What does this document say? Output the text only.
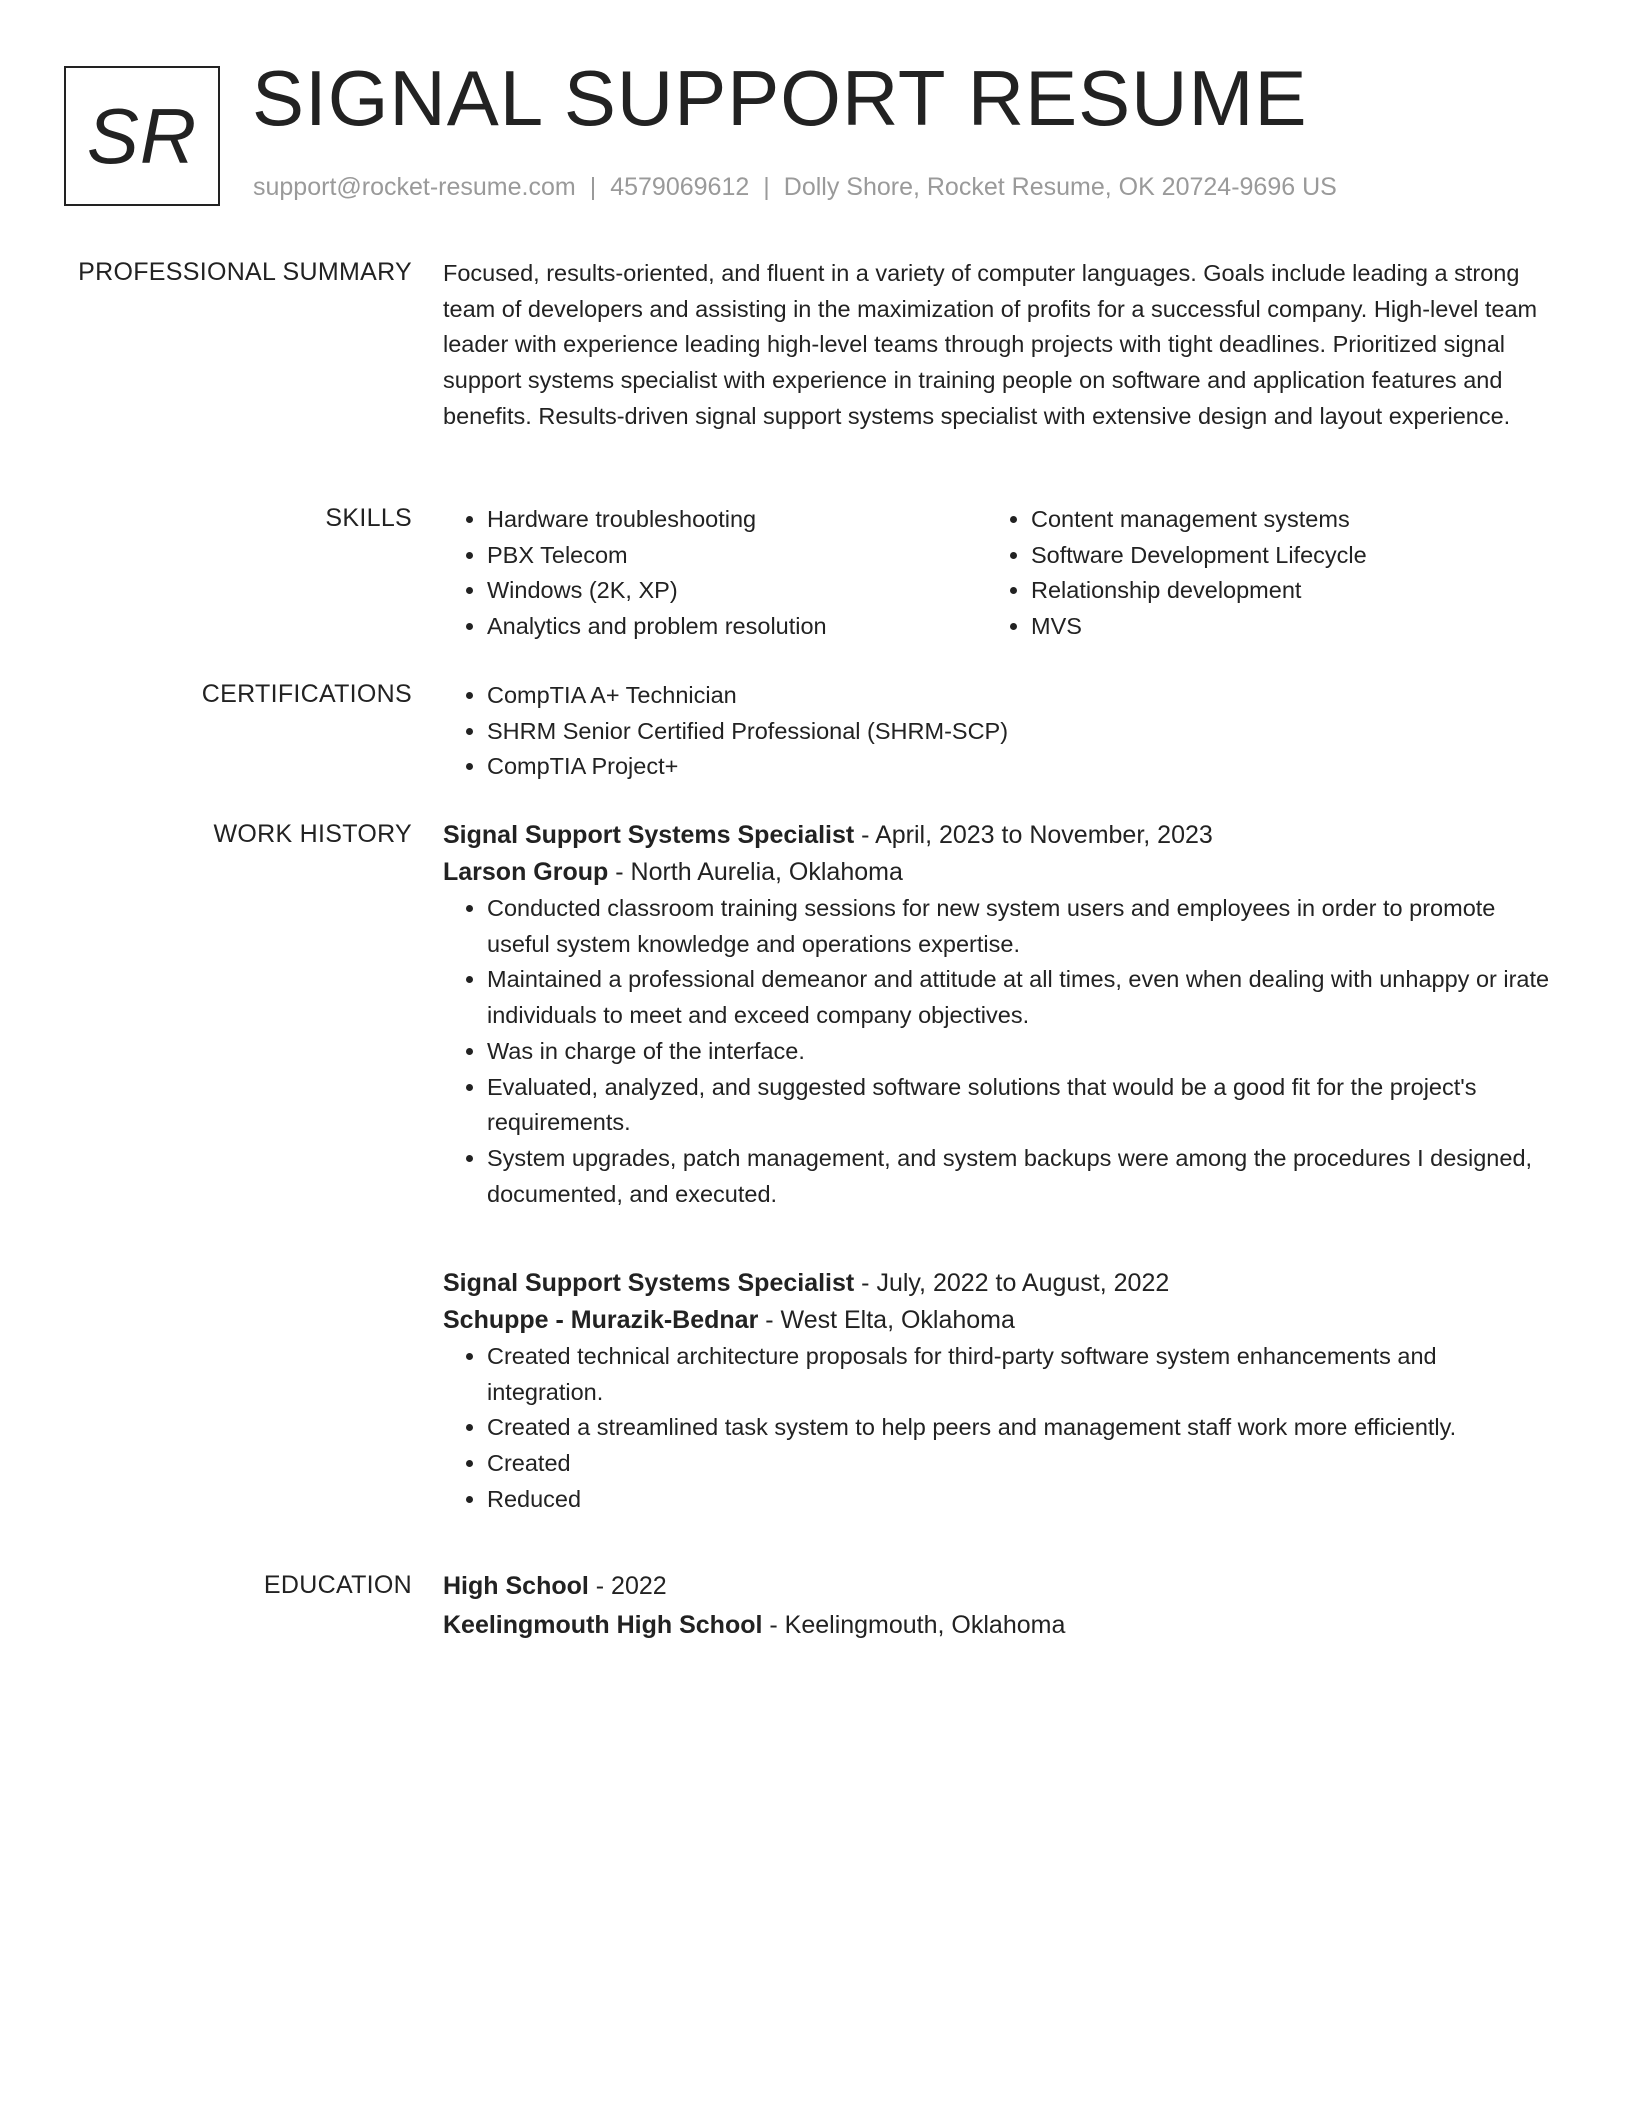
SR SIGNAL SUPPORT RESUME
support@rocket-resume.com | 4579069612 | Dolly Shore, Rocket Resume, OK 20724-9696 US
PROFESSIONAL SUMMARY Focused, results-oriented, and fluent in a variety of computer languages. Goals include leading a strong team of developers and assisting in the maximization of profits for a successful company. High-level team leader with experience leading high-level teams through projects with tight deadlines. Prioritized signal support systems specialist with experience in training people on software and application features and benefits. Results-driven signal support systems specialist with extensive design and layout experience.

SKILLS	• Hardware troubleshooting
• PBX Telecom
• Windows (2K, XP)
• Analytics and problem resolution
• Content management systems
• Software Development Lifecycle
• Relationship development
• MVS
CERTIFICATIONS	• CompTIA A+ Technician
• SHRM Senior Certified Professional (SHRM-SCP)
• CompTIA Project+
WORK HISTORY Signal Support Systems Specialist - April, 2023 to November, 2023
Larson Group - North Aurelia, Oklahoma
• Conducted classroom training sessions for new system users and employees in order to promote useful system knowledge and operations expertise.
• Maintained a professional demeanor and attitude at all times, even when dealing with unhappy or irate individuals to meet and exceed company objectives.
• Was in charge of the interface.
• Evaluated, analyzed, and suggested software solutions that would be a good fit for the project's requirements.
• System upgrades, patch management, and system backups were among the procedures I designed, documented, and executed.
Signal Support Systems Specialist - July, 2022 to August, 2022
Schuppe - Murazik-Bednar - West Elta, Oklahoma
• Created technical architecture proposals for third-party software system enhancements and integration.
• Created a streamlined task system to help peers and management staff work more efficiently.
• Created
• Reduced
EDUCATION High School - 2022
Keelingmouth High School - Keelingmouth, Oklahoma
